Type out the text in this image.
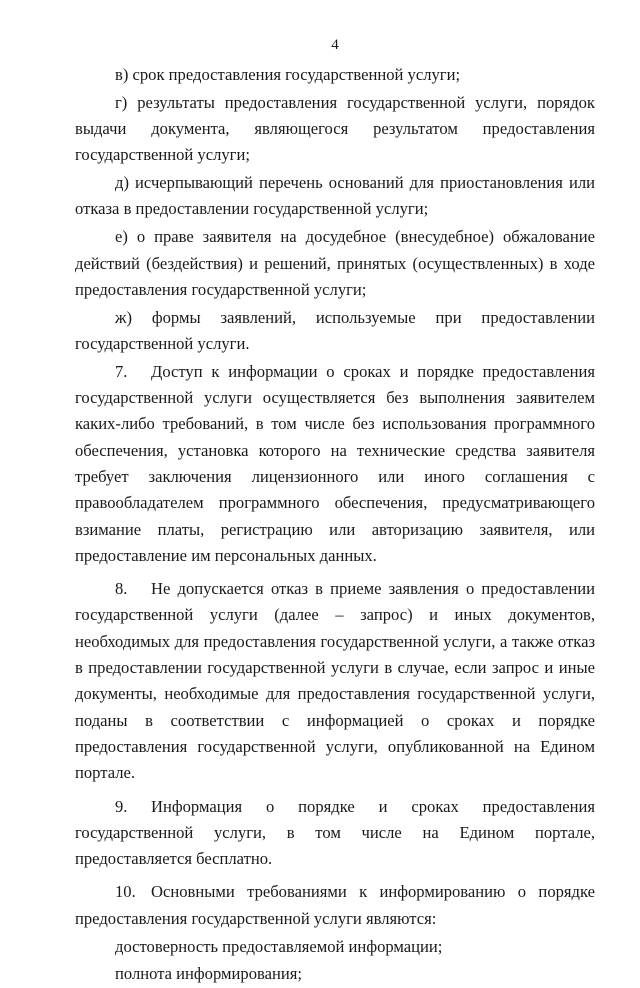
4

в) срок предоставления государственной услуги;

г) результаты предоставления государственной услуги, порядок выдачи документа, являющегося результатом предоставления государственной услуги;

д) исчерпывающий перечень оснований для приостановления или отказа в предоставлении государственной услуги;

е) о праве заявителя на досудебное (внесудебное) обжалование действий (бездействия) и решений, принятых (осуществленных) в ходе предоставления государственной услуги;

ж) формы заявлений, используемые при предоставлении государственной услуги.

7. Доступ к информации о сроках и порядке предоставления государственной услуги осуществляется без выполнения заявителем каких-либо требований, в том числе без использования программного обеспечения, установка которого на технические средства заявителя требует заключения лицензионного или иного соглашения с правообладателем программного обеспечения, предусматривающего взимание платы, регистрацию или авторизацию заявителя, или предоставление им персональных данных.

8. Не допускается отказ в приеме заявления о предоставлении государственной услуги (далее – запрос) и иных документов, необходимых для предоставления государственной услуги, а также отказ в предоставлении государственной услуги в случае, если запрос и иные документы, необходимые для предоставления государственной услуги, поданы в соответствии с информацией о сроках и порядке предоставления государственной услуги, опубликованной на Едином портале.

9. Информация о порядке и сроках предоставления государственной услуги, в том числе на Едином портале, предоставляется бесплатно.

10. Основными требованиями к информированию о порядке предоставления государственной услуги являются:

достоверность предоставляемой информации;

полнота информирования;
